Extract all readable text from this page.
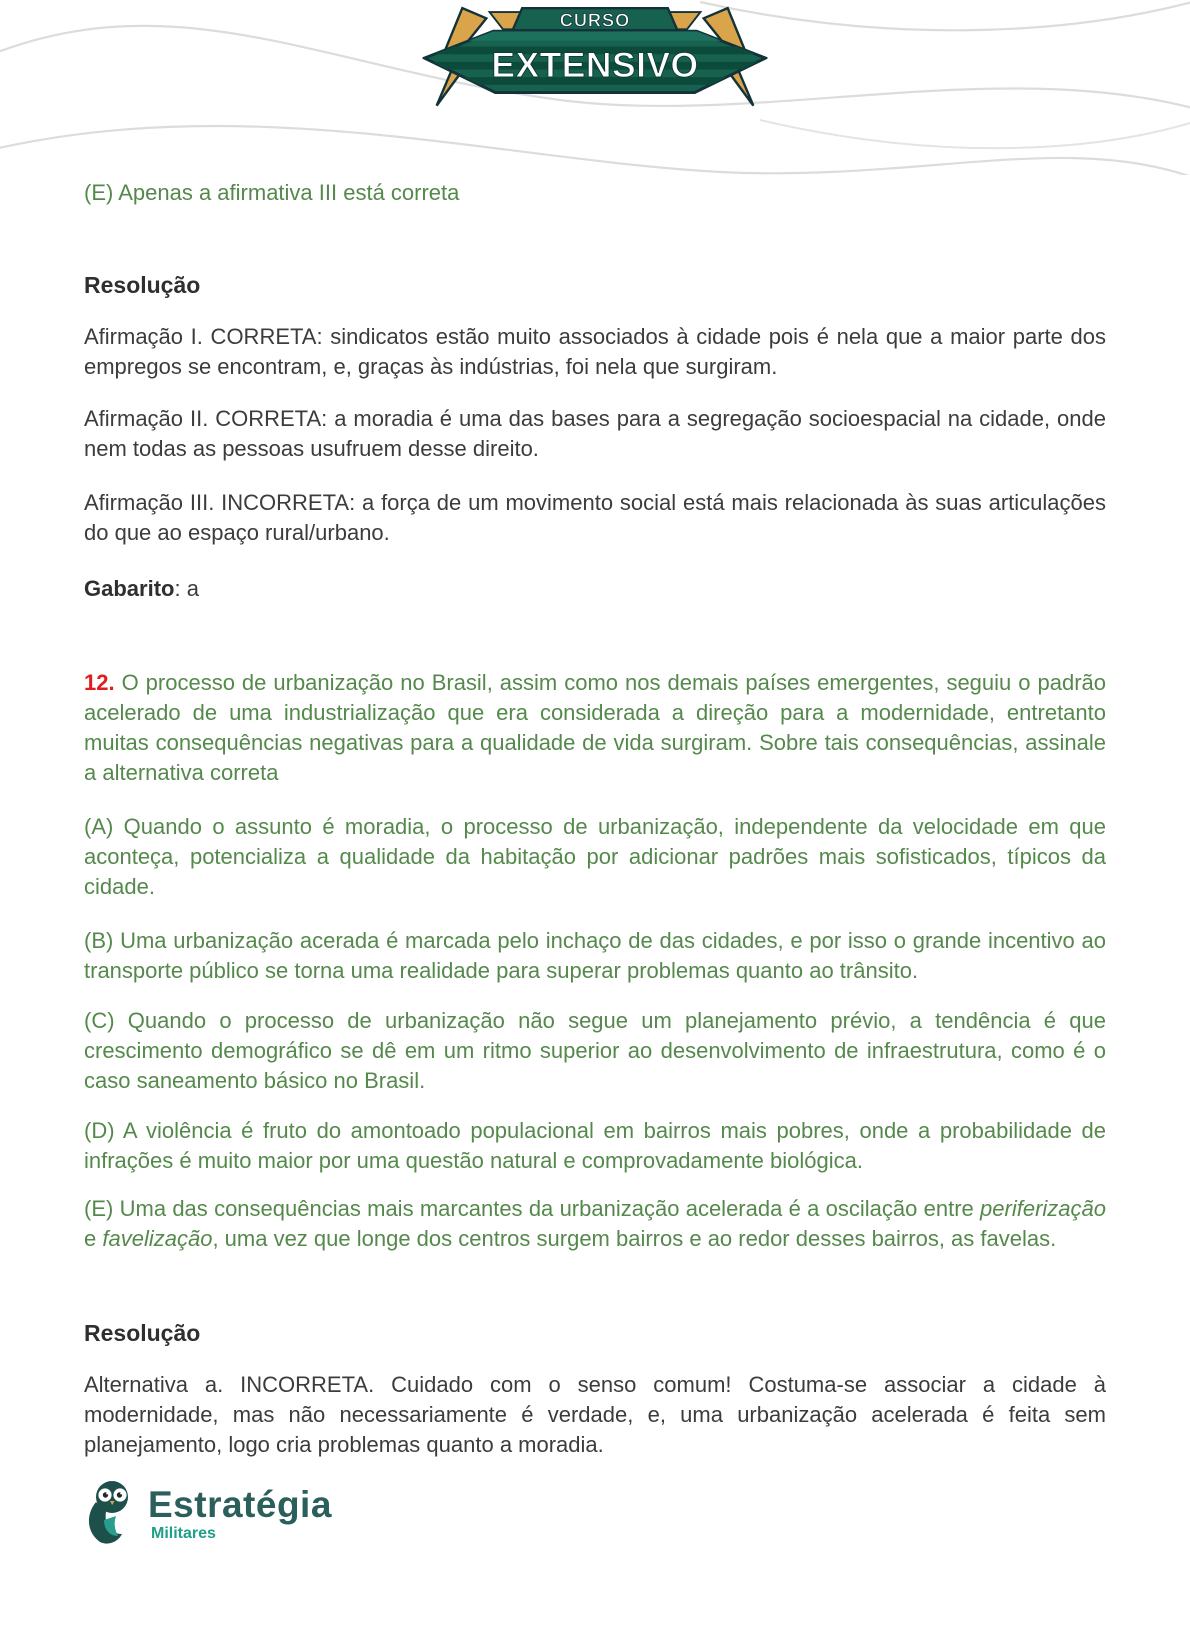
CURSO
EXTENSIVO

(E) Apenas a afirmativa III está correta

Resolução

Afirmação I. CORRETA: sindicatos estão muito associados à cidade pois é nela que a maior parte dos empregos se encontram, e, graças às indústrias, foi nela que surgiram.

Afirmação II. CORRETA: a moradia é uma das bases para a segregação socioespacial na cidade, onde nem todas as pessoas usufruem desse direito.

Afirmação III. INCORRETA: a força de um movimento social está mais relacionada às suas articulações do que ao espaço rural/urbano.

Gabarito: a

12. O processo de urbanização no Brasil, assim como nos demais países emergentes, seguiu o padrão acelerado de uma industrialização que era considerada a direção para a modernidade, entretanto muitas consequências negativas para a qualidade de vida surgiram. Sobre tais consequências, assinale a alternativa correta

(A) Quando o assunto é moradia, o processo de urbanização, independente da velocidade em que aconteça, potencializa a qualidade da habitação por adicionar padrões mais sofisticados, típicos da cidade.

(B) Uma urbanização acerada é marcada pelo inchaço de das cidades, e por isso o grande incentivo ao transporte público se torna uma realidade para superar problemas quanto ao trânsito.

(C) Quando o processo de urbanização não segue um planejamento prévio, a tendência é que crescimento demográfico se dê em um ritmo superior ao desenvolvimento de infraestrutura, como é o caso saneamento básico no Brasil.

(D) A violência é fruto do amontoado populacional em bairros mais pobres, onde a probabilidade de infrações é muito maior por uma questão natural e comprovadamente biológica.

(E) Uma das consequências mais marcantes da urbanização acelerada é a oscilação entre periferização e favelização, uma vez que longe dos centros surgem bairros e ao redor desses bairros, as favelas.

Resolução

Alternativa a. INCORRETA. Cuidado com o senso comum! Costuma-se associar a cidade à modernidade, mas não necessariamente é verdade, e, uma urbanização acelerada é feita sem planejamento, logo cria problemas quanto a moradia.

Estratégia
Militares
